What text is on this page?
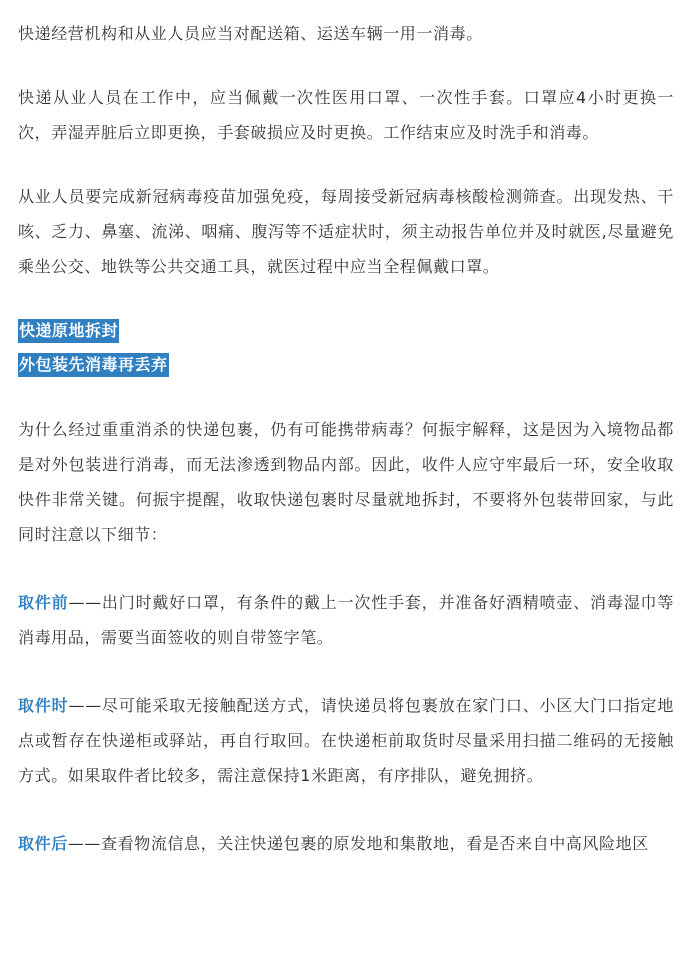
快递经营机构和从业人员应当对配送箱、运送车辆一用一消毒。

快递从业人员在工作中，应当佩戴一次性医用口罩、一次性手套。口罩应4小时更换一次，弄湿弄脏后立即更换，手套破损应及时更换。工作结束应及时洗手和消毒。

从业人员要完成新冠病毒疫苗加强免疫，每周接受新冠病毒核酸检测筛查。出现发热、干咳、乏力、鼻塞、流涕、咽痛、腹泻等不适症状时，须主动报告单位并及时就医,尽量避免乘坐公交、地铁等公共交通工具，就医过程中应当全程佩戴口罩。

快递原地拆封
外包装先消毒再丢弃

为什么经过重重消杀的快递包裹，仍有可能携带病毒？何振宇解释，这是因为入境物品都是对外包装进行消毒，而无法渗透到物品内部。因此，收件人应守牢最后一环，安全收取快件非常关键。何振宇提醒，收取快递包裹时尽量就地拆封，不要将外包装带回家，与此同时注意以下细节：

取件前——出门时戴好口罩，有条件的戴上一次性手套，并准备好酒精喷壶、消毒湿巾等消毒用品，需要当面签收的则自带签字笔。

取件时——尽可能采取无接触配送方式，请快递员将包裹放在家门口、小区大门口指定地点或暂存在快递柜或驿站，再自行取回。在快递柜前取货时尽量采用扫描二维码的无接触方式。如果取件者比较多，需注意保持1米距离，有序排队，避免拥挤。

取件后——查看物流信息，关注快递包裹的原发地和集散地，看是否来自中高风险地区
